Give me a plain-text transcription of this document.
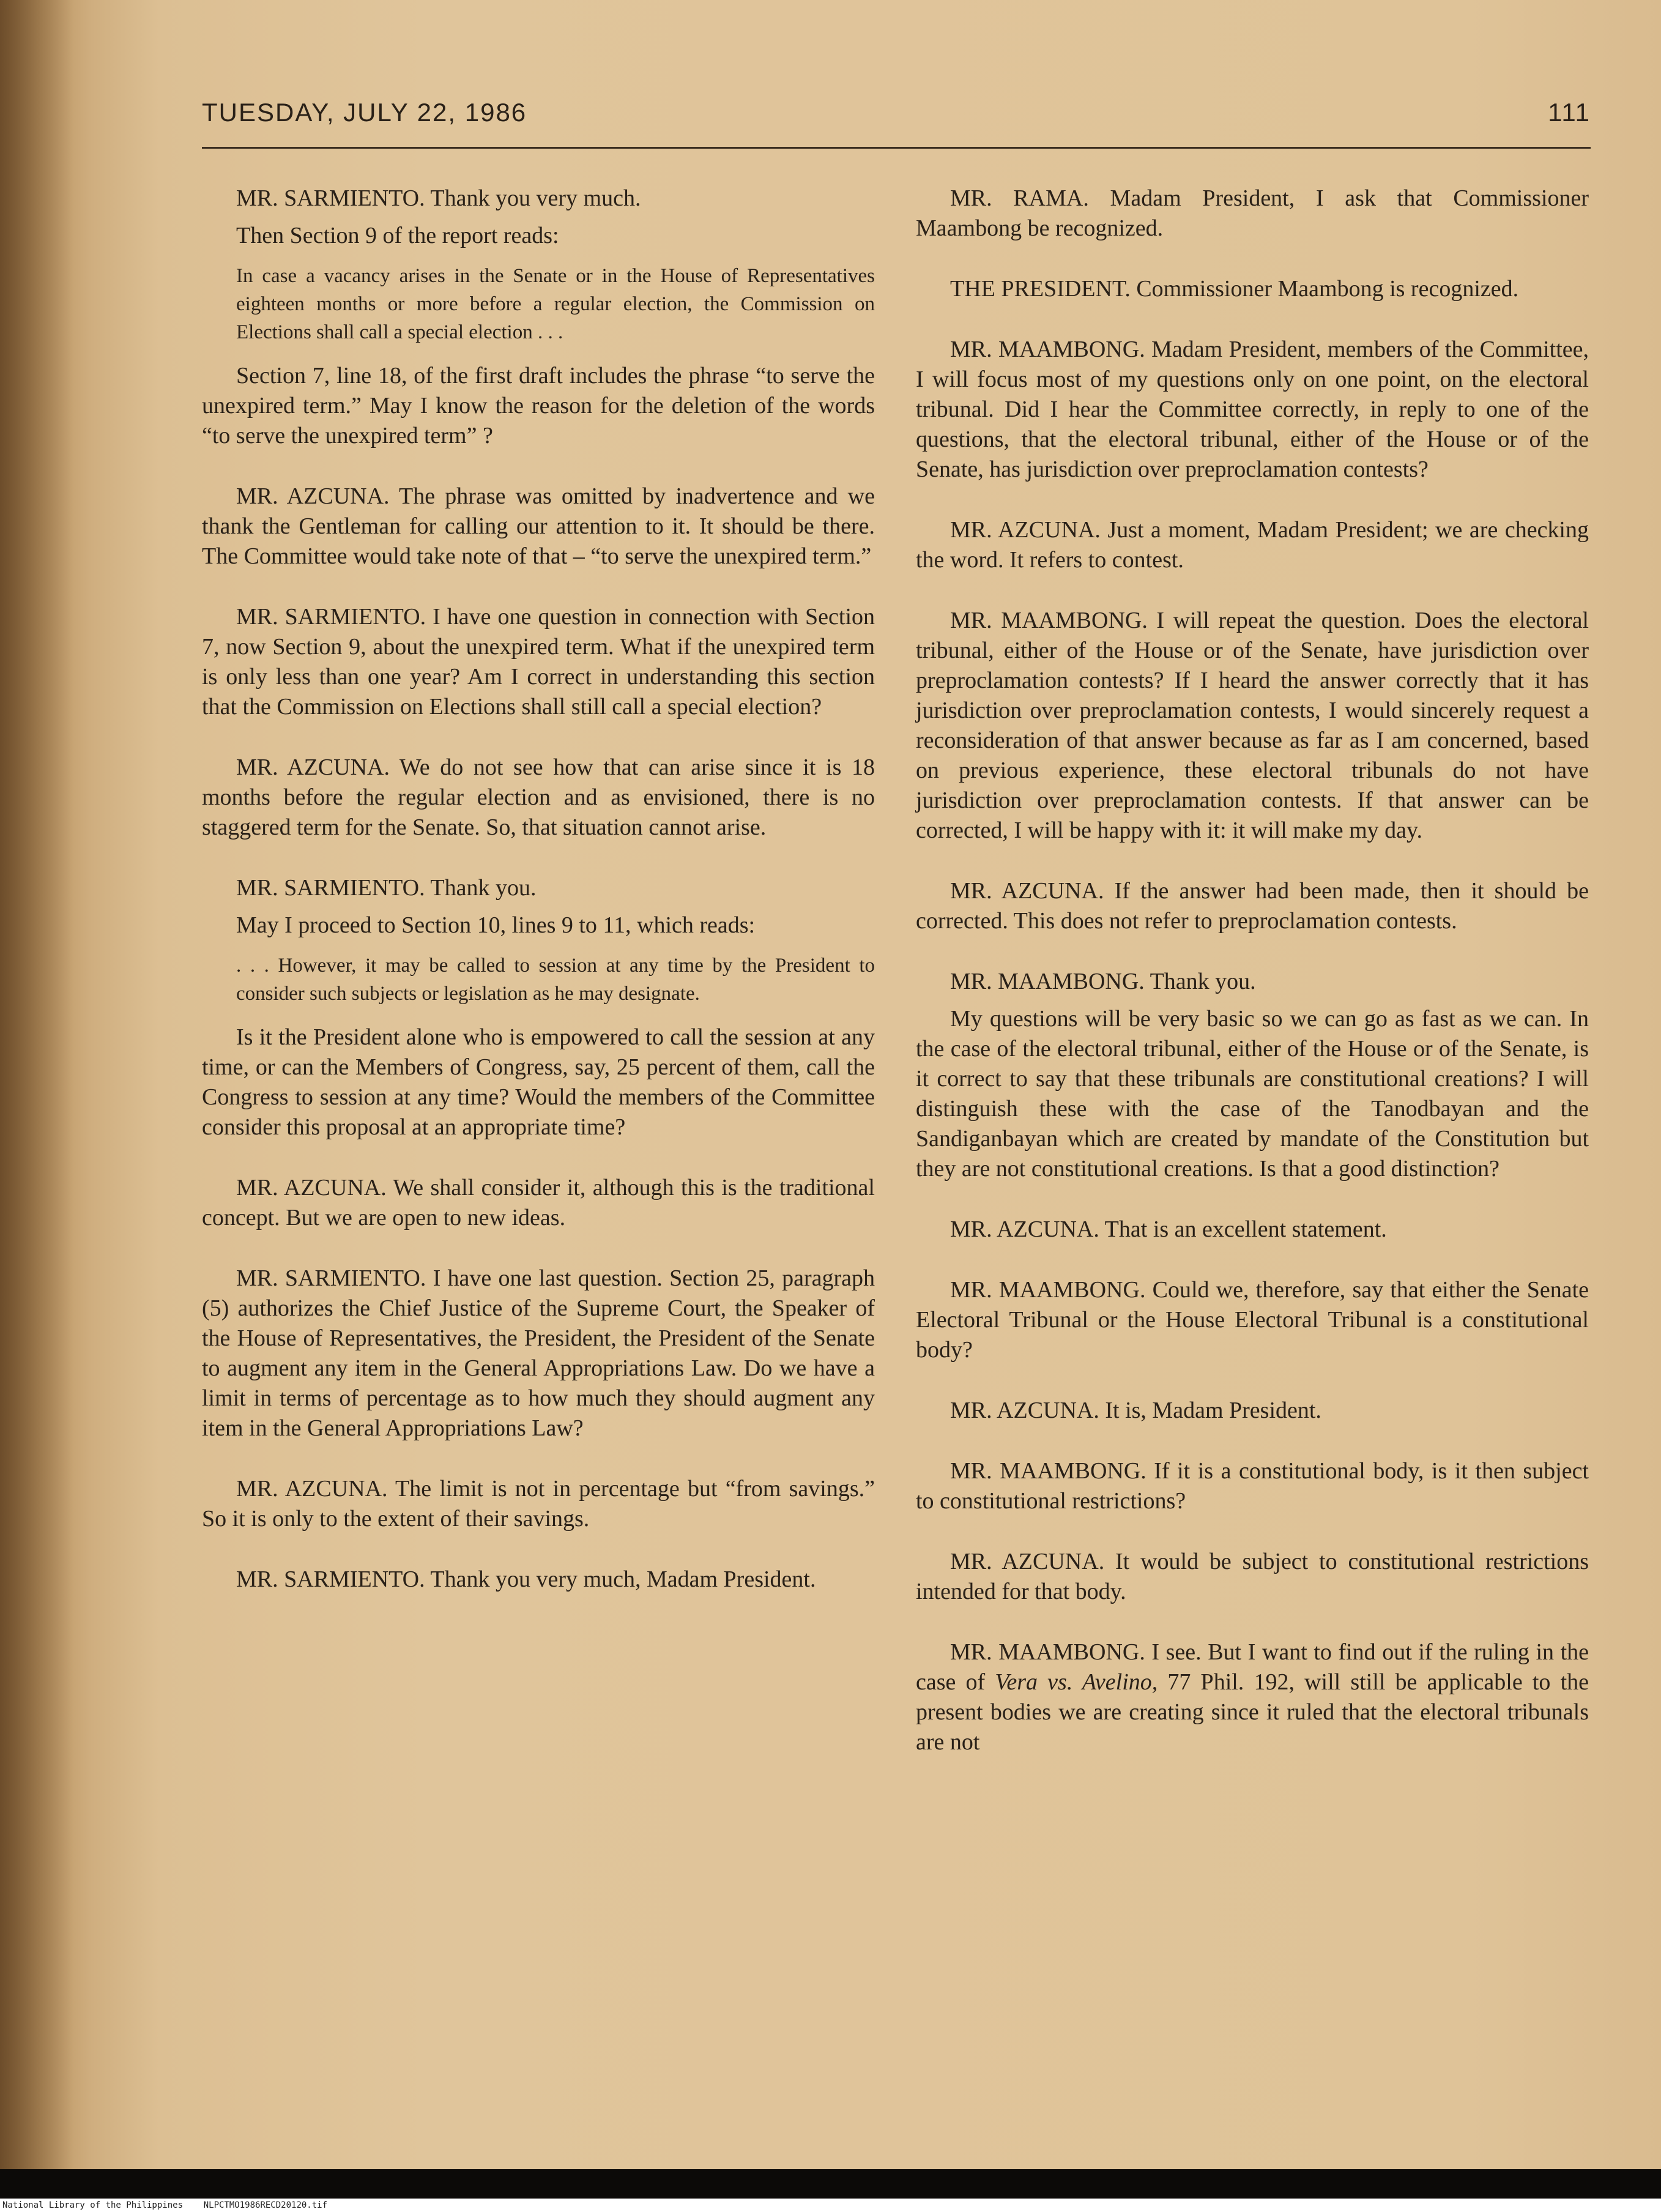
TUESDAY, JULY 22, 1986	111

MR. SARMIENTO. Thank you very much.

Then Section 9 of the report reads:

In case a vacancy arises in the Senate or in the House of Representatives eighteen months or more before a regular election, the Commission on Elections shall call a special election . . .

Section 7, line 18, of the first draft includes the phrase “to serve the unexpired term.” May I know the reason for the deletion of the words “to serve the unexpired term” ?

MR. AZCUNA. The phrase was omitted by inadvertence and we thank the Gentleman for calling our attention to it. It should be there. The Committee would take note of that – “to serve the unexpired term.”

MR. SARMIENTO. I have one question in connection with Section 7, now Section 9, about the unexpired term. What if the unexpired term is only less than one year? Am I correct in understanding this section that the Commission on Elections shall still call a special election?

MR. AZCUNA. We do not see how that can arise since it is 18 months before the regular election and as envisioned, there is no staggered term for the Senate. So, that situation cannot arise.

MR. SARMIENTO. Thank you.

May I proceed to Section 10, lines 9 to 11, which reads:

. . . However, it may be called to session at any time by the President to consider such subjects or legislation as he may designate.

Is it the President alone who is empowered to call the session at any time, or can the Members of Congress, say, 25 percent of them, call the Congress to session at any time? Would the members of the Committee consider this proposal at an appropriate time?

MR. AZCUNA. We shall consider it, although this is the traditional concept. But we are open to new ideas.

MR. SARMIENTO. I have one last question. Section 25, paragraph (5) authorizes the Chief Justice of the Supreme Court, the Speaker of the House of Representatives, the President, the President of the Senate to augment any item in the General Appropriations Law. Do we have a limit in terms of percentage as to how much they should augment any item in the General Appropriations Law?

MR. AZCUNA. The limit is not in percentage but “from savings.” So it is only to the extent of their savings.

MR. SARMIENTO. Thank you very much, Madam President.

MR. RAMA. Madam President, I ask that Commissioner Maambong be recognized.

THE PRESIDENT. Commissioner Maambong is recognized.

MR. MAAMBONG. Madam President, members of the Committee, I will focus most of my questions only on one point, on the electoral tribunal. Did I hear the Committee correctly, in reply to one of the questions, that the electoral tribunal, either of the House or of the Senate, has jurisdiction over preproclamation contests?

MR. AZCUNA. Just a moment, Madam President; we are checking the word. It refers to contest.

MR. MAAMBONG. I will repeat the question. Does the electoral tribunal, either of the House or of the Senate, have jurisdiction over preproclamation contests? If I heard the answer correctly that it has jurisdiction over preproclamation contests, I would sincerely request a reconsideration of that answer because as far as I am concerned, based on previous experience, these electoral tribunals do not have jurisdiction over preproclamation contests. If that answer can be corrected, I will be happy with it: it will make my day.

MR. AZCUNA. If the answer had been made, then it should be corrected. This does not refer to preproclamation contests.

MR. MAAMBONG. Thank you.

My questions will be very basic so we can go as fast as we can. In the case of the electoral tribunal, either of the House or of the Senate, is it correct to say that these tribunals are constitutional creations? I will distinguish these with the case of the Tanodbayan and the Sandiganbayan which are created by mandate of the Constitution but they are not constitutional creations. Is that a good distinction?

MR. AZCUNA. That is an excellent statement.

MR. MAAMBONG. Could we, therefore, say that either the Senate Electoral Tribunal or the House Electoral Tribunal is a constitutional body?

MR. AZCUNA. It is, Madam President.

MR. MAAMBONG. If it is a constitutional body, is it then subject to constitutional restrictions?

MR. AZCUNA. It would be subject to constitutional restrictions intended for that body.

MR. MAAMBONG. I see. But I want to find out if the ruling in the case of Vera vs. Avelino, 77 Phil. 192, will still be applicable to the present bodies we are creating since it ruled that the electoral tribunals are not

National Library of the Philippines NLPCTMO1986RECD20120.tif
